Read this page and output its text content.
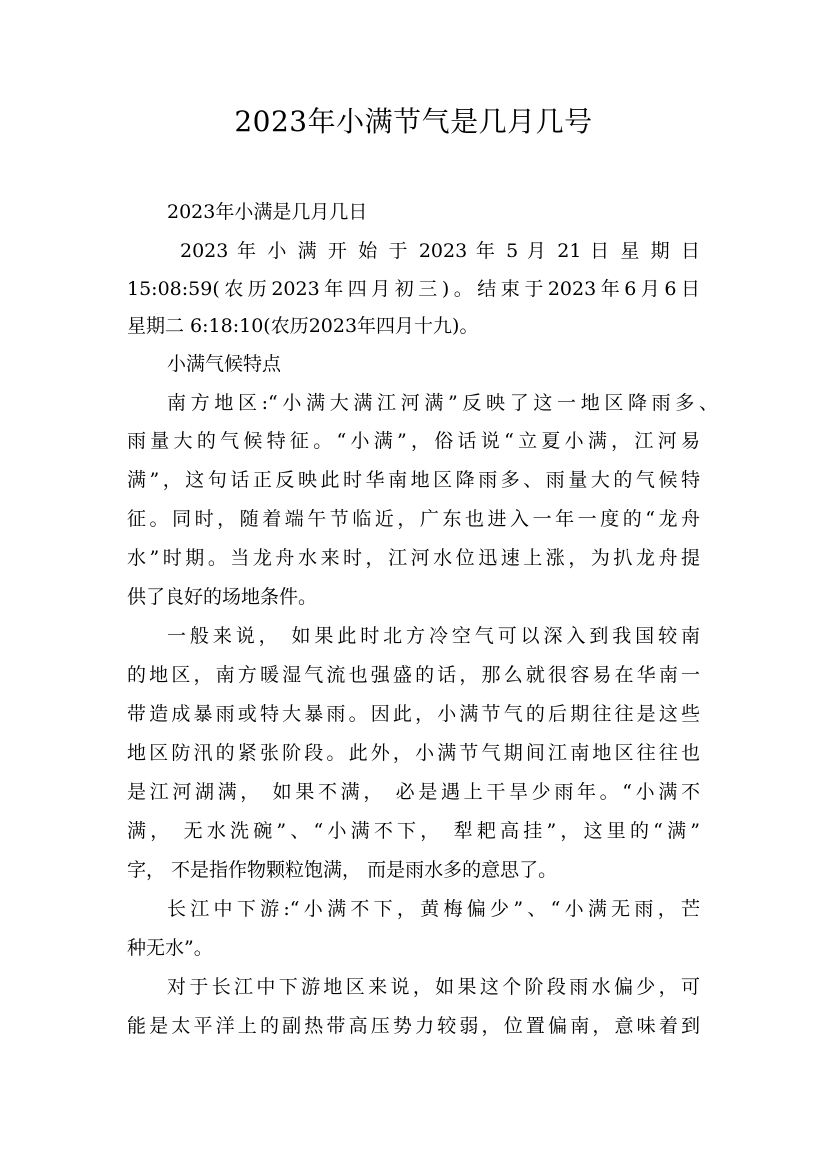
2023年小满节气是几月几号
2023年小满是几月几日
2023 年 小 满 开 始 于 2023 年 5 月 21 日 星 期 日
15:08:59(农历2023年四月初三)。结束于2023年6月6日
星期二 6:18:10(农历2023年四月十九)。
小满气候特点
南方地区:“小满大满江河满”反映了这一地区降雨多、
雨量大的气候特征。“小满”，俗话说“立夏小满，江河易
满”，这句话正反映此时华南地区降雨多、雨量大的气候特
征。同时，随着端午节临近，广东也进入一年一度的“龙舟
水”时期。当龙舟水来时，江河水位迅速上涨，为扒龙舟提
供了良好的场地条件。
一般来说， 如果此时北方冷空气可以深入到我国较南
的地区，南方暖湿气流也强盛的话，那么就很容易在华南一
带造成暴雨或特大暴雨。因此，小满节气的后期往往是这些
地区防汛的紧张阶段。此外，小满节气期间江南地区往往也
是江河湖满， 如果不满， 必是遇上干旱少雨年。“小满不
满， 无水洗碗”、“小满不下， 犁耙高挂”，这里的“满”
字， 不是指作物颗粒饱满， 而是雨水多的意思了。
长江中下游:“小满不下，黄梅偏少”、“小满无雨，芒
种无水”。
对于长江中下游地区来说，如果这个阶段雨水偏少，可
能是太平洋上的副热带高压势力较弱，位置偏南，意味着到
